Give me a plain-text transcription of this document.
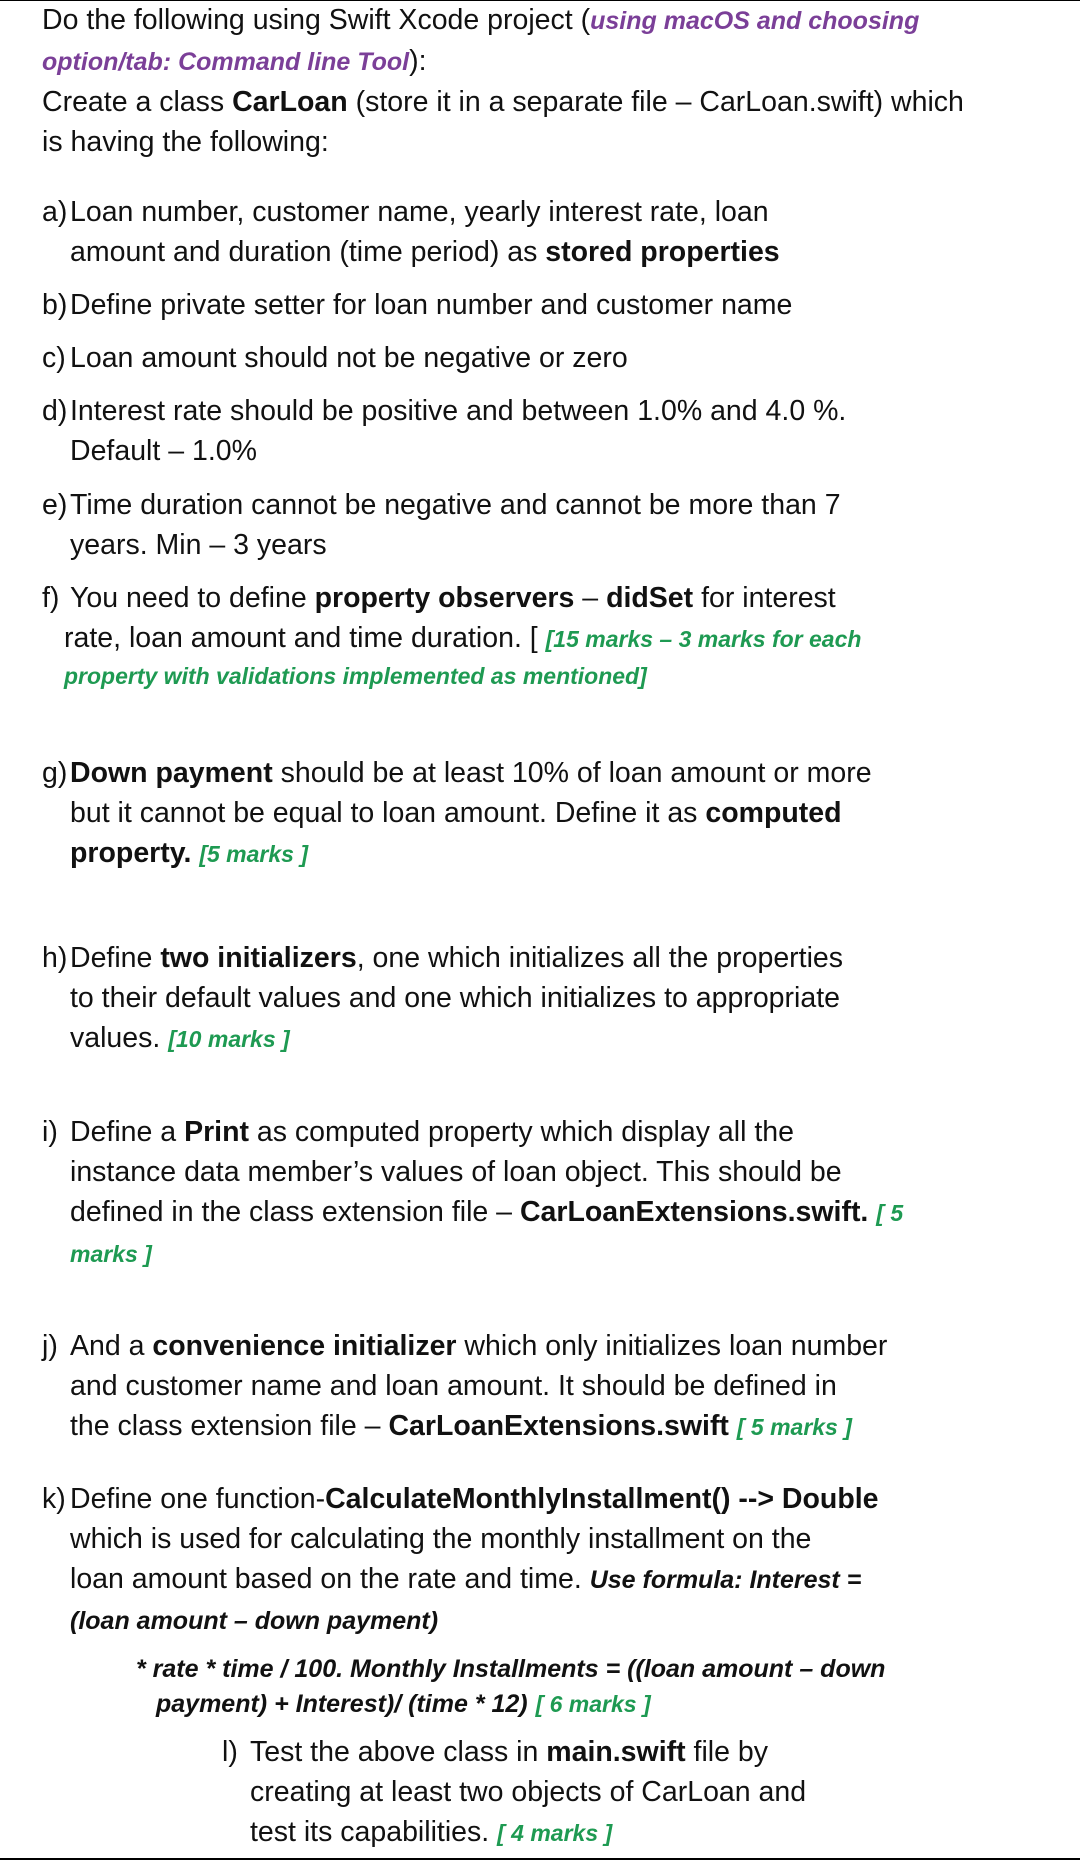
Do the following using Swift Xcode project (using macOS and choosing
option/tab: Command line Tool):
Create a class CarLoan (store it in a separate file – CarLoan.swift) which
is having the following:
a)Loan number, customer name, yearly interest rate, loan
amount and duration (time period) as stored properties
b)Define private setter for loan number and customer name
c) Loan amount should not be negative or zero
d)Interest rate should be positive and between 1.0% and 4.0 %.
Default – 1.0%
e)Time duration cannot be negative and cannot be more than 7
years. Min – 3 years
f) You need to define property observers – didSet for interest
rate, loan amount and time duration. [ [15 marks – 3 marks for each
property with validations implemented as mentioned]
g)Down payment should be at least 10% of loan amount or more
but it cannot be equal to loan amount. Define it as computed
property. [5 marks ]
h)Define two initializers, one which initializes all the properties
to their default values and one which initializes to appropriate
values. [10 marks ]
i) Define a Print as computed property which display all the
instance data member’s values of loan object. This should be
defined in the class extension file – CarLoanExtensions.swift. [ 5
marks ]
j) And a convenience initializer which only initializes loan number
and customer name and loan amount. It should be defined in
the class extension file – CarLoanExtensions.swift [ 5 marks ]
k) Define one function-CalculateMonthlyInstallment() --> Double
which is used for calculating the monthly installment on the
loan amount based on the rate and time. Use formula: Interest =
(loan amount – down payment)
* rate * time / 100. Monthly Installments = ((loan amount – down
payment) + Interest)/ (time * 12) [ 6 marks ]
l) Test the above class in main.swift file by
creating at least two objects of CarLoan and
test its capabilities. [ 4 marks ]
